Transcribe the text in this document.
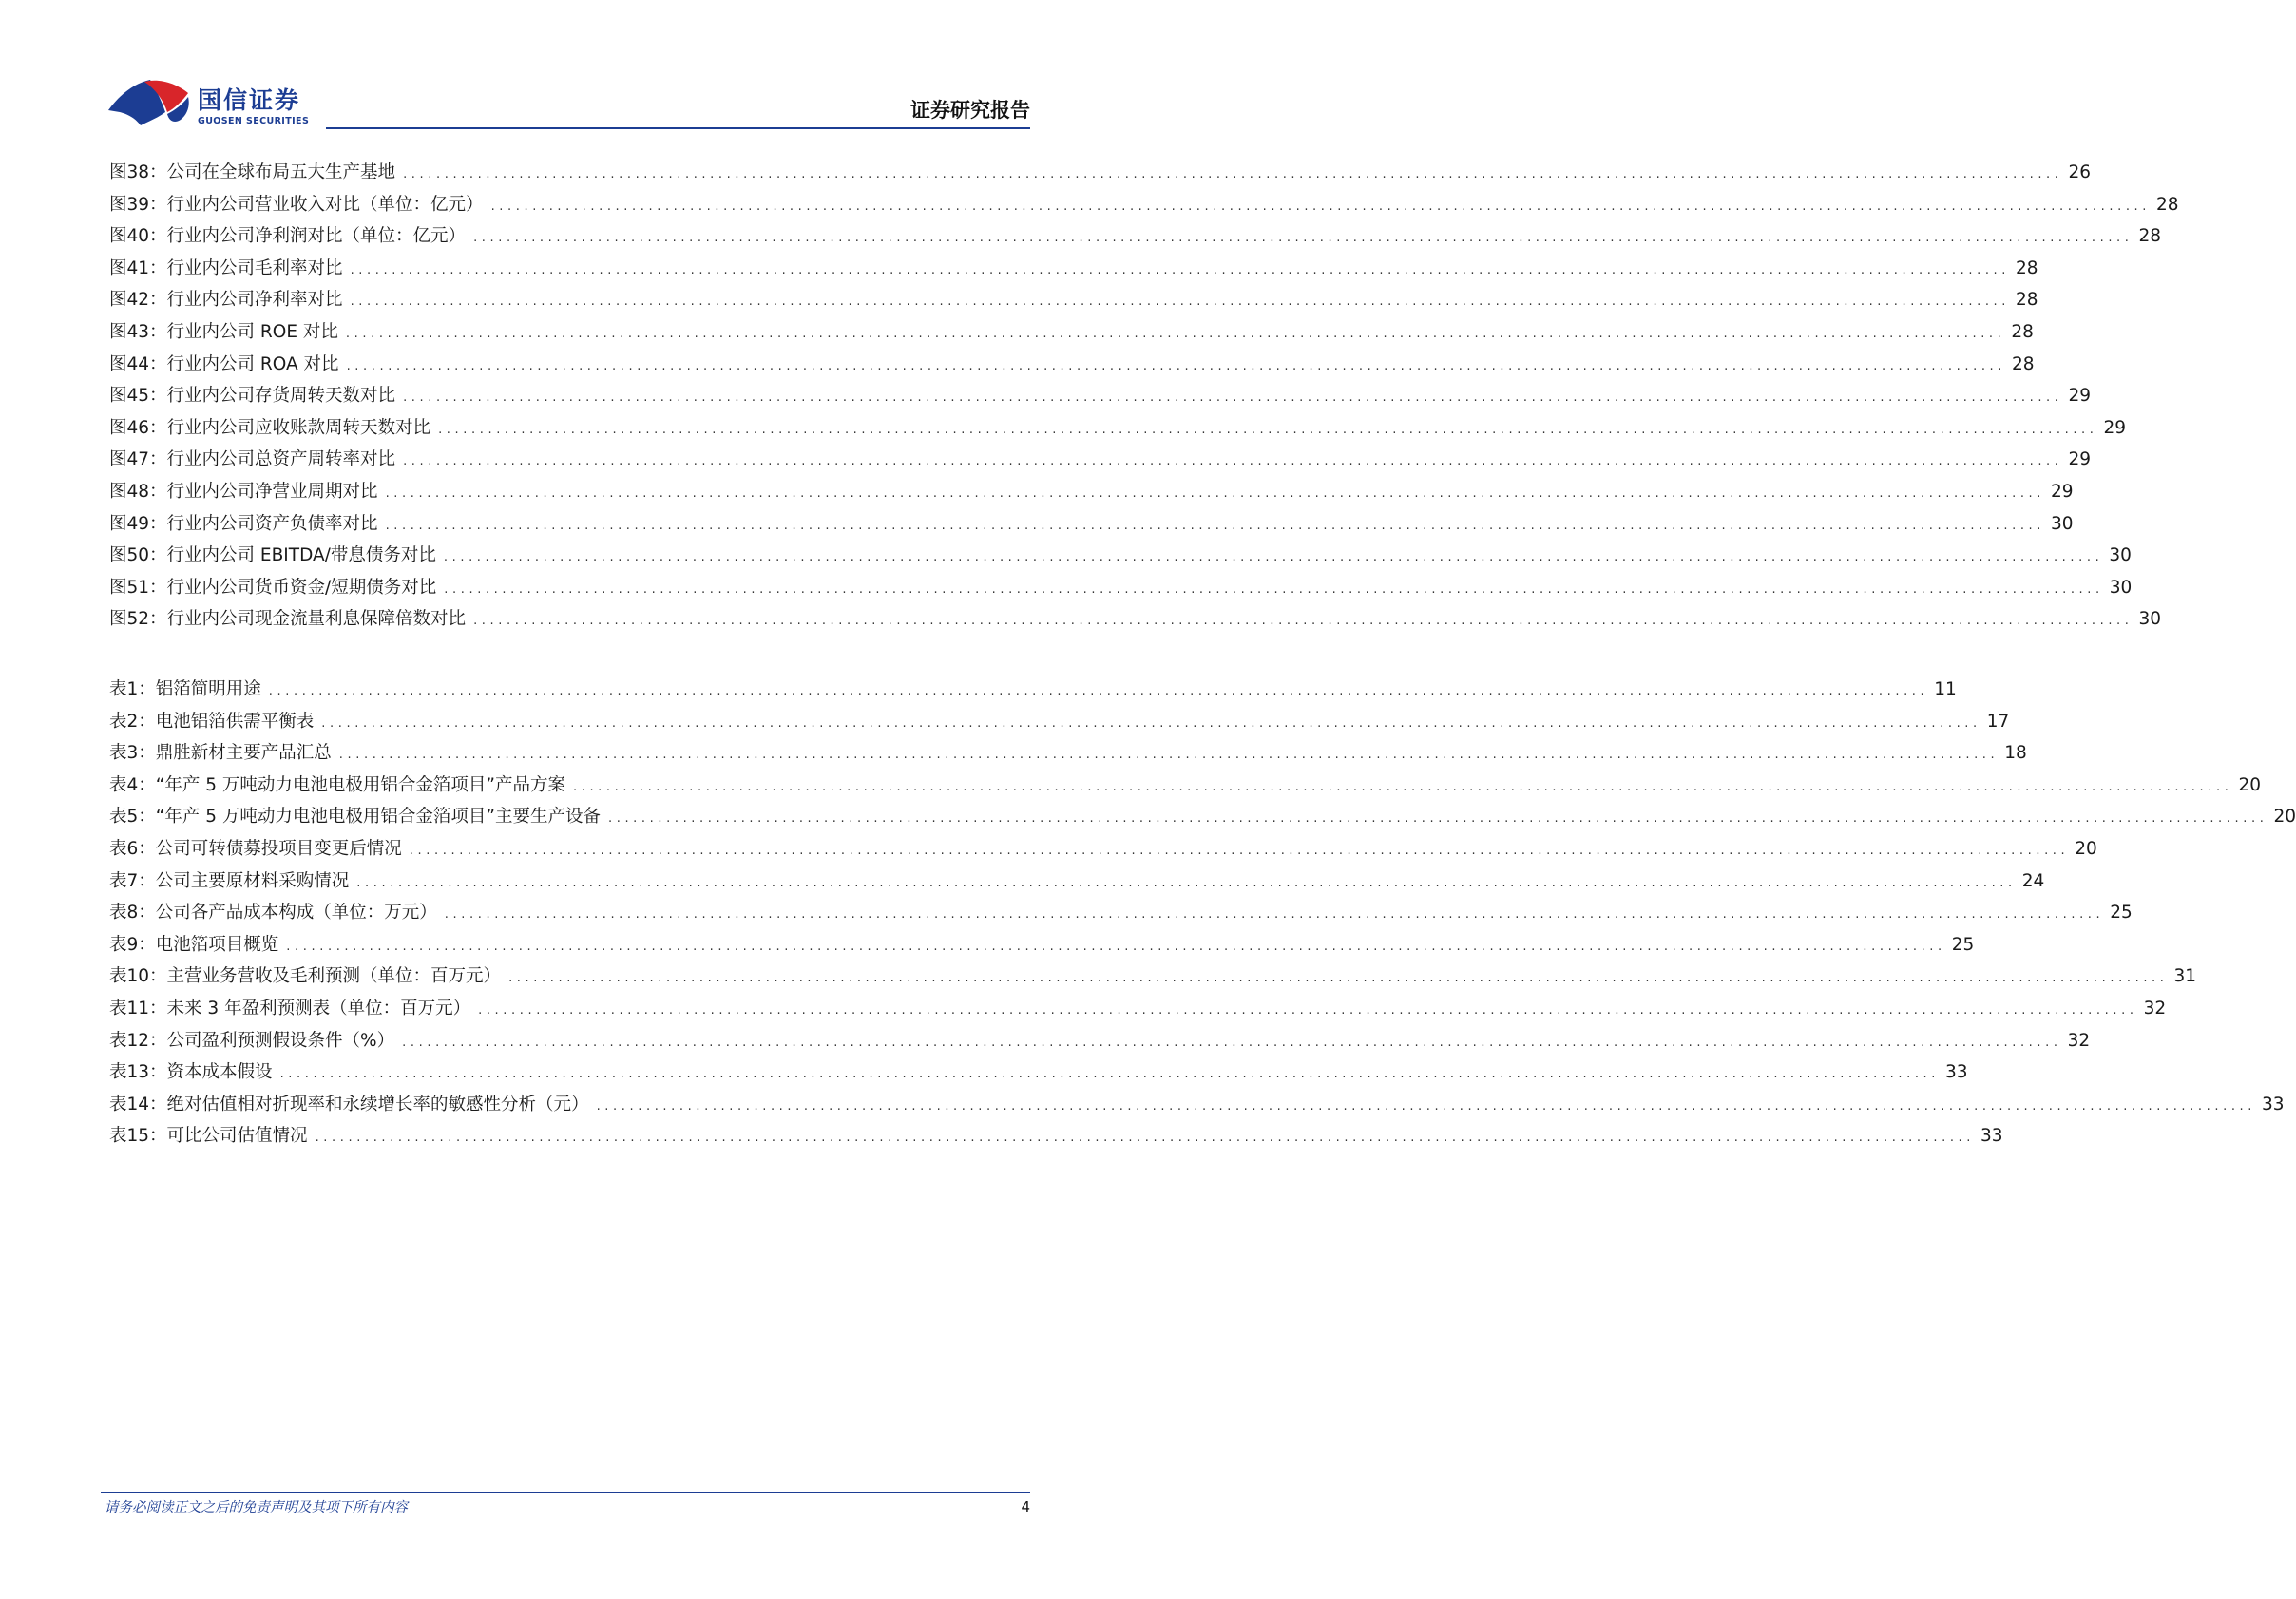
国信证券
GUOSEN SECURITIES	证券研究报告
图38： 公司在全球布局五大生产基地 ........................................................................................................................................................................................................ 26
图39： 行业内公司营业收入对比（单位：亿元） ........................................................................................................................................................................................................ 28
图40： 行业内公司净利润对比（单位：亿元） ........................................................................................................................................................................................................ 28
图41： 行业内公司毛利率对比 ........................................................................................................................................................................................................ 28
图42： 行业内公司净利率对比 ........................................................................................................................................................................................................ 28
图43： 行业内公司 ROE 对比 ........................................................................................................................................................................................................ 28
图44： 行业内公司 ROA 对比 ........................................................................................................................................................................................................ 28
图45： 行业内公司存货周转天数对比 ........................................................................................................................................................................................................ 29
图46： 行业内公司应收账款周转天数对比 ........................................................................................................................................................................................................ 29
图47： 行业内公司总资产周转率对比 ........................................................................................................................................................................................................ 29
图48： 行业内公司净营业周期对比 ........................................................................................................................................................................................................ 29
图49： 行业内公司资产负债率对比 ........................................................................................................................................................................................................ 30
图50： 行业内公司 EBITDA/带息债务对比 ........................................................................................................................................................................................................ 30
图51： 行业内公司货币资金/短期债务对比 ........................................................................................................................................................................................................ 30
图52： 行业内公司现金流量利息保障倍数对比 ........................................................................................................................................................................................................ 30
表1： 铝箔简明用途 ........................................................................................................................................................................................................ 11
表2： 电池铝箔供需平衡表 ........................................................................................................................................................................................................ 17
表3： 鼎胜新材主要产品汇总 ........................................................................................................................................................................................................ 18
表4： “年产 5 万吨动力电池电极用铝合金箔项目”产品方案 ........................................................................................................................................................................................................ 20
表5： “年产 5 万吨动力电池电极用铝合金箔项目”主要生产设备 ........................................................................................................................................................................................................ 20
表6： 公司可转债募投项目变更后情况 ........................................................................................................................................................................................................ 20
表7： 公司主要原材料采购情况 ........................................................................................................................................................................................................ 24
表8： 公司各产品成本构成（单位：万元） ........................................................................................................................................................................................................ 25
表9： 电池箔项目概览 ........................................................................................................................................................................................................ 25
表10： 主营业务营收及毛利预测（单位：百万元） ........................................................................................................................................................................................................ 31
表11： 未来 3 年盈利预测表（单位：百万元） ........................................................................................................................................................................................................ 32
表12： 公司盈利预测假设条件（%） ........................................................................................................................................................................................................ 32
表13： 资本成本假设 ........................................................................................................................................................................................................ 33
表14： 绝对估值相对折现率和永续增长率的敏感性分析（元） ........................................................................................................................................................................................................ 33
表15： 可比公司估值情况 ........................................................................................................................................................................................................ 33
请务必阅读正文之后的免责声明及其项下所有内容	4
